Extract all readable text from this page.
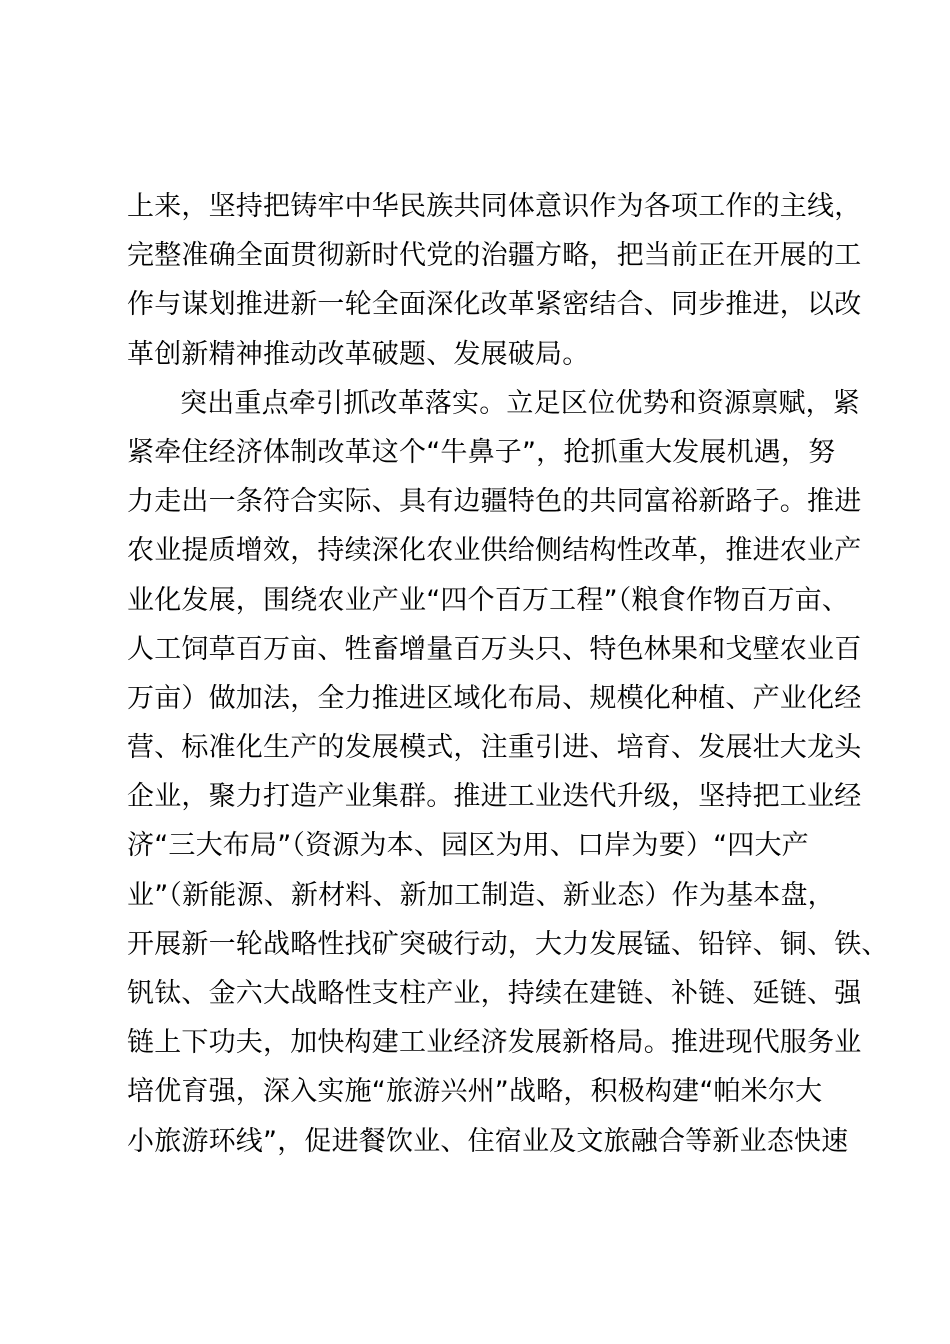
上来，坚持把铸牢中华民族共同体意识作为各项工作的主线，
完整准确全面贯彻新时代党的治疆方略，把当前正在开展的工
作与谋划推进新一轮全面深化改革紧密结合、同步推进，以改
革创新精神推动改革破题、发展破局。
突出重点牵引抓改革落实。立足区位优势和资源禀赋，紧
紧牵住经济体制改革这个“牛鼻子”，抢抓重大发展机遇，努
力走出一条符合实际、具有边疆特色的共同富裕新路子。推进
农业提质增效，持续深化农业供给侧结构性改革，推进农业产
业化发展，围绕农业产业“四个百万工程”（粮食作物百万亩、
人工饲草百万亩、牲畜增量百万头只、特色林果和戈壁农业百
万亩）做加法，全力推进区域化布局、规模化种植、产业化经
营、标准化生产的发展模式，注重引进、培育、发展壮大龙头
企业，聚力打造产业集群。推进工业迭代升级，坚持把工业经
济“三大布局”（资源为本、园区为用、口岸为要）“四大产
业”（新能源、新材料、新加工制造、新业态）作为基本盘，
开展新一轮战略性找矿突破行动，大力发展锰、铅锌、铜、铁、
钒钛、金六大战略性支柱产业，持续在建链、补链、延链、强
链上下功夫，加快构建工业经济发展新格局。推进现代服务业
培优育强，深入实施“旅游兴州”战略，积极构建“帕米尔大
小旅游环线”，促进餐饮业、住宿业及文旅融合等新业态快速
